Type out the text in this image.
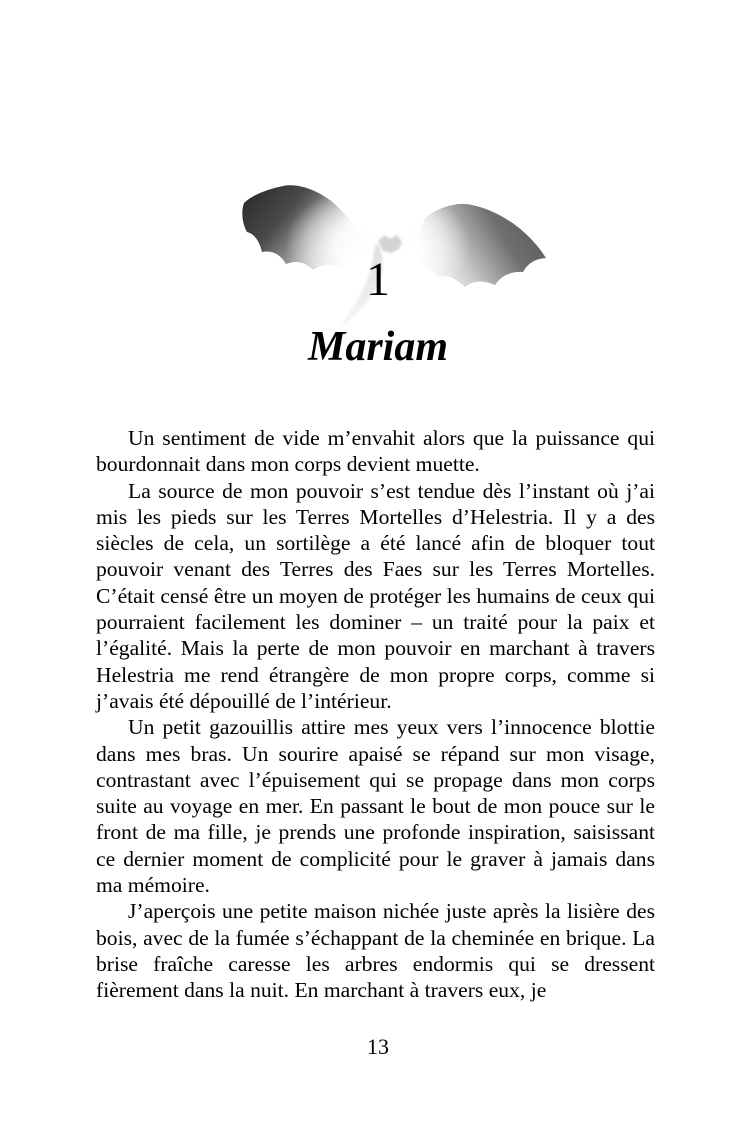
1
Mariam

Un sentiment de vide m’envahit alors que la puissance qui bourdonnait dans mon corps devient muette.

La source de mon pouvoir s’est tendue dès l’instant où j’ai mis les pieds sur les Terres Mortelles d’Helestria. Il y a des siècles de cela, un sortilège a été lancé afin de bloquer tout pouvoir venant des Terres des Faes sur les Terres Mortelles. C’était censé être un moyen de protéger les humains de ceux qui pourraient facilement les dominer – un traité pour la paix et l’égalité. Mais la perte de mon pouvoir en marchant à travers Helestria me rend étrangère de mon propre corps, comme si j’avais été dépouillé de l’intérieur.

Un petit gazouillis attire mes yeux vers l’innocence blottie dans mes bras. Un sourire apaisé se répand sur mon visage, contrastant avec l’épuisement qui se propage dans mon corps suite au voyage en mer. En passant le bout de mon pouce sur le front de ma fille, je prends une profonde inspiration, saisissant ce dernier moment de complicité pour le graver à jamais dans ma mémoire.

J’aperçois une petite maison nichée juste après la lisière des bois, avec de la fumée s’échappant de la cheminée en brique. La brise fraîche caresse les arbres endormis qui se dressent fièrement dans la nuit. En marchant à travers eux, je

13
